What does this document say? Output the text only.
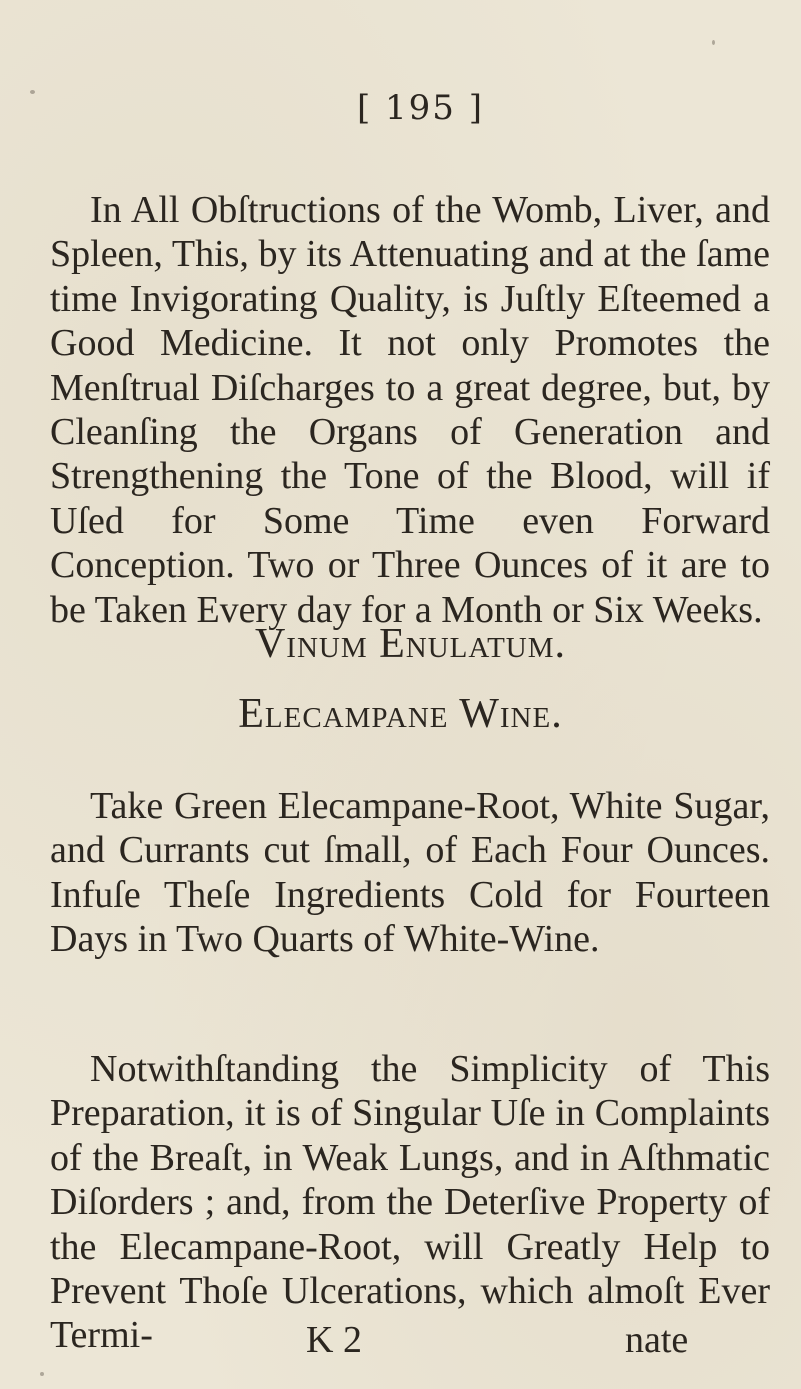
[ 195 ]
In All Obſtructions of the Womb, Liver, and Spleen, This, by its Attenuating and at the ſame time Invigorating Quality, is Juſtly Eſteemed a Good Medicine. It not only Promotes the Menſtrual Diſcharges to a great degree, but, by Cleanſing the Organs of Generation and Strengthening the Tone of the Blood, will if Uſed for Some Time even Forward Conception. Two or Three Ounces of it are to be Taken Every day for a Month or Six Weeks.
Vinum Enulatum.
Elecampane Wine.
Take Green Elecampane-Root, White Sugar, and Currants cut ſmall, of Each Four Ounces. Infuſe Theſe Ingredients Cold for Fourteen Days in Two Quarts of White-Wine.
Notwithſtanding the Simplicity of This Preparation, it is of Singular Uſe in Complaints of the Breaſt, in Weak Lungs, and in Aſthmatic Diſorders ; and, from the Deterſive Property of the Elecampane-Root, will Greatly Help to Prevent Thoſe Ulcerations, which almoſt Ever Termi-	K 2	nate
